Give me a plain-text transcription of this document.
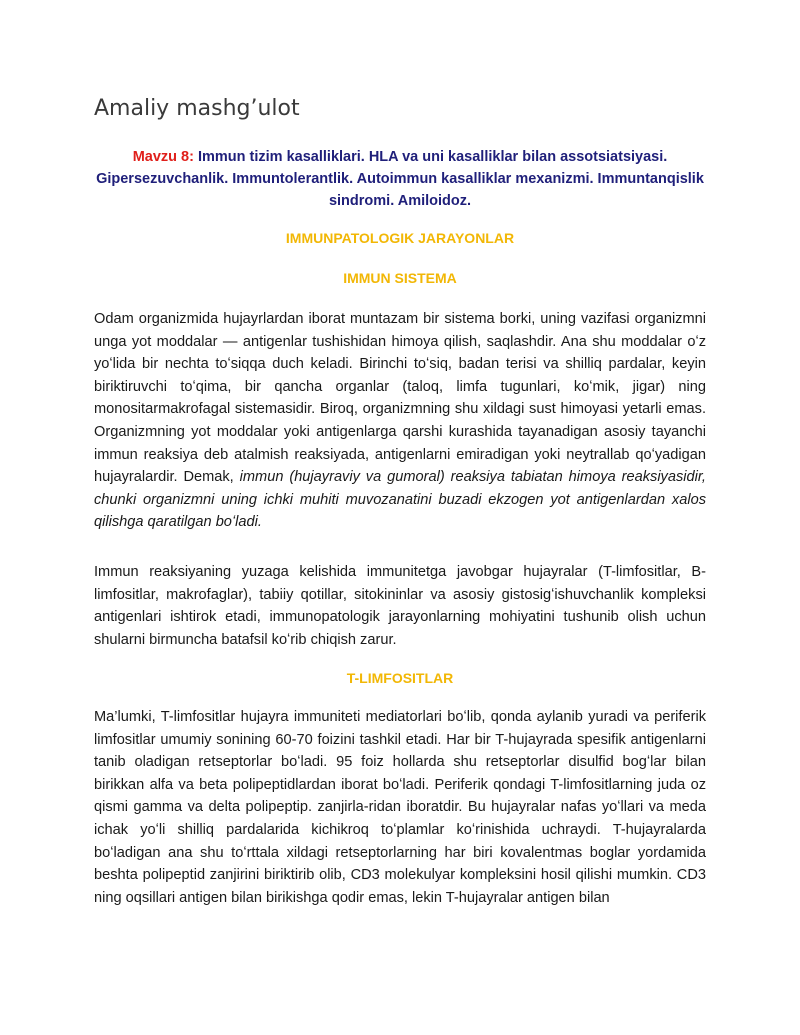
Amaliy mashg’ulot
Mavzu 8: Immun tizim kasalliklari. HLA va uni kasalliklar bilan assotsiatsiyasi. Gipersezuvchanlik. Immuntolerantlik. Autoimmun kasalliklar mexanizmi. Immuntanqislik sindromi. Amiloidoz.
IMMUNPATOLOGIK JARAYONLAR
IMMUN SISTEMA

Odam organizmida hujayrlardan iborat muntazam bir sistema borki, uning vazifasi organizmni unga yot moddalar — antigenlar tushishidan himoya qilish, saqlashdir. Ana shu moddalar oʻz yoʻlida bir nechta toʻsiqqa duch keladi. Birinchi toʻsiq, badan terisi va shilliq pardalar, keyin biriktiruvchi toʻqima, bir qancha organlar (taloq, limfa tugunlari, koʻmik, jigar) ning monositarmakrofagal sistemasidir. Biroq, organizmning shu xildagi sust himoyasi yetarli emas. Organizmning yot moddalar yoki antigenlarga qarshi kurashida tayanadigan asosiy tayanchi immun reaksiya deb atalmish reaksiyada, antigenlarni emiradigan yoki neytrallab qoʻyadigan hujayralardir. Demak, immun (hujayraviy va gumoral) reaksiya tabiatan himoya reaksiyasidir, chunki organizmni uning ichki muhiti muvozanatini buzadi ekzogen yot antigenlardan xalos qilishga qaratilgan boʻladi.

Immun reaksiyaning yuzaga kelishida immunitetga javobgar hujayralar (T-limfositlar, B-limfositlar, makrofaglar), tabiiy qotillar, sitokininlar va asosiy gistosigʻishuvchanlik kompleksi antigenlari ishtirok etadi, immunopatologik jarayonlarning mohiyatini tushunib olish uchun shularni birmuncha batafsil koʻrib chiqish zarur.

T-LIMFOSITLAR

Ma’lumki, T-limfositlar hujayra immuniteti mediatorlari boʻlib, qonda aylanib yuradi va periferik limfositlar umumiy sonining 60-70 foizini tashkil etadi. Har bir T-hujayrada spesifik antigenlarni tanib oladigan retseptorlar boʻladi. 95 foiz hollarda shu retseptorlar disulfid bogʻlar bilan birikkan alfa va beta polipeptidlardan iborat boʻladi. Periferik qondagi T-limfositlarning juda oz qismi gamma va delta polipeptip. zanjirla-ridan iboratdir. Bu hujayralar nafas yoʻllari va meda ichak yoʻli shilliq pardalarida kichikroq toʻplamlar koʻrinishida uchraydi. T-hujayralarda boʻladigan ana shu toʻrttala xildagi retseptorlarning har biri kovalentmas boglar yordamida beshta polipeptid zanjirini biriktirib olib, CD3 molekulyar kompleksini hosil qilishi mumkin. CD3 ning oqsillari antigen bilan birikishga qodir emas, lekin T-hujayralar antigen bilan
